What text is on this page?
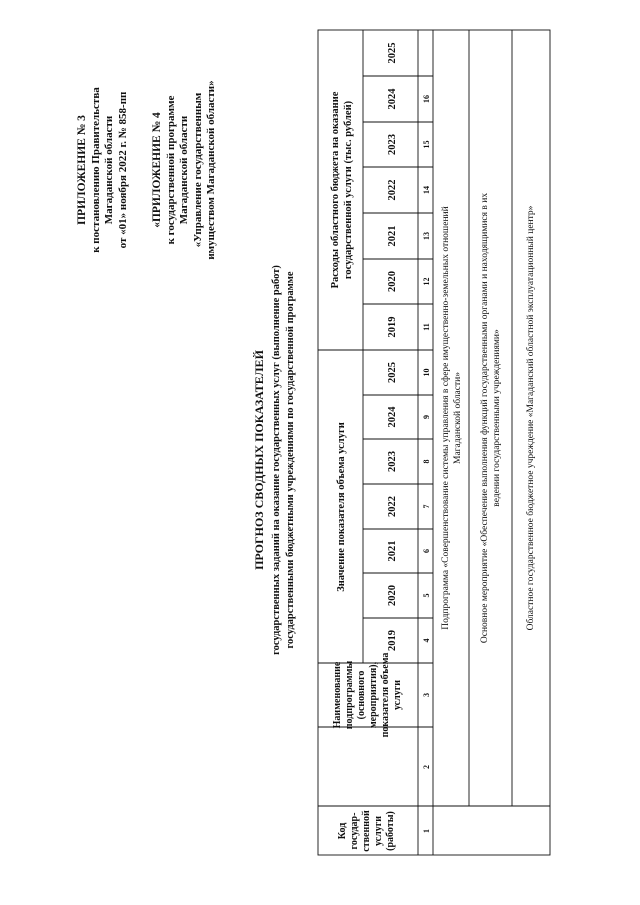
ПРИЛОЖЕНИЕ № 3 к постановлению Правительства Магаданской области от «01» ноября 2022 г. № 858-пп «ПРИЛОЖЕНИЕ № 4 к государственной программе Магаданской области «Управление государственным имуществом Магаданской области»
ПРОГНОЗ СВОДНЫХ ПОКАЗАТЕЛЕЙ государственных заданий на оказание государственных услуг (выполнение работ) государственными бюджетными учреждениями по государственной программе
Код государ- ственной услуги (работы)
Наименование подпрограммы (основного мероприятия), показателя объема услуги
Значение показателя объема услуги
Расходы областного бюджета на оказание государственной услуги (тыс. рублей)
2019
2020
2021
2022
2023
2024
2025
2019
2020
2021
2022
2023
2024
2025
1
2
3
4
5
6
7
8
9
10
11
12
13
14
15
16
Подпрограмма «Совершенствование системы управления в сфере имущественно-земельных отношений Магаданской области» Основное мероприятие «Обеспечение выполнения функций государственными органами и находящимися в их ведении государственными учреждениями»	Областное государственное бюджетное учреждение «Магаданский областной эксплуатационный центр»
